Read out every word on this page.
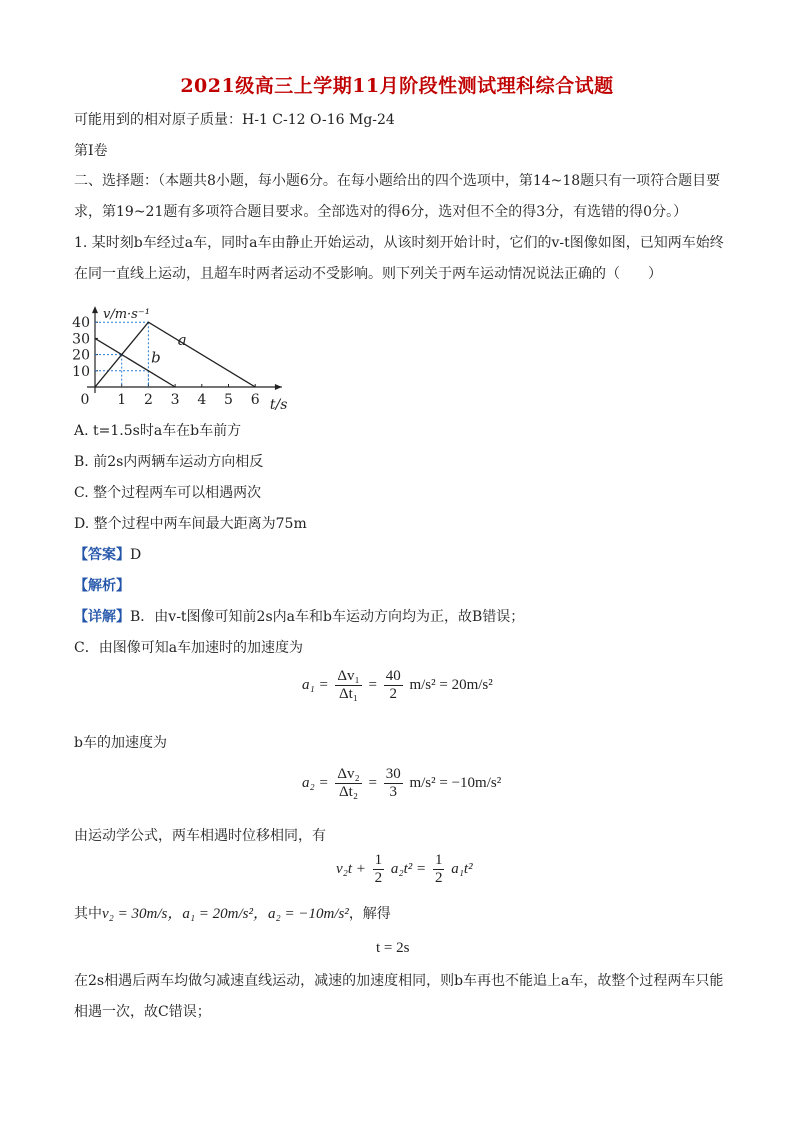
2021级高三上学期11月阶段性测试理科综合试题
可能用到的相对原子质量：H-1 C-12 O-16 Mg-24
第Ⅰ卷
二、选择题：（本题共8小题，每小题6分。在每小题给出的四个选项中，第14~18题只有一项符合题目要求，第19~21题有多项符合题目要求。全部选对的得6分，选对但不全的得3分，有选错的得0分。）
1. 某时刻b车经过a车，同时a车由静止开始运动，从该时刻开始计时，它们的v-t图像如图，已知两车始终在同一直线上运动，且超车时两者运动不受影响。则下列关于两车运动情况说法正确的（　　）
1 2 3 4 5 6
10
20
30
40
0	t/s
v/m·s⁻¹
a
b
A. t=1.5s时a车在b车前方
B. 前2s内两辆车运动方向相反
C. 整个过程两车可以相遇两次
D. 整个过程中两车间最大距离为75m
【答案】D
【解析】
【详解】B．由v-t图像可知前2s内a车和b车运动方向均为正，故B错误；
C．由图像可知a车加速时的加速度为
$a_1 = \frac{\text{Δv₁}}{\text{Δt₁}} = \frac{40}{2} m/s^2 = 20m/s^2$
b车的加速度为
$a_2 = \frac{\text{Δv₂}}{\text{Δt₂}} = \frac{30}{3} m/s^2 = -10m/s^2$
由运动学公式，两车相遇时位移相同，有
$v_2t + \frac{1}{2} a_2t^2 = \frac{1}{2} a_1t^2$
其中v₂ = 30m/s，a₁ = 20m/s²，a₂ = −10m/s²，解得
t = 2s
在2s相遇后两车均做匀减速直线运动，减速的加速度相同，则b车再也不能追上a车，故整个过程两车只能相遇一次，故C错误；
